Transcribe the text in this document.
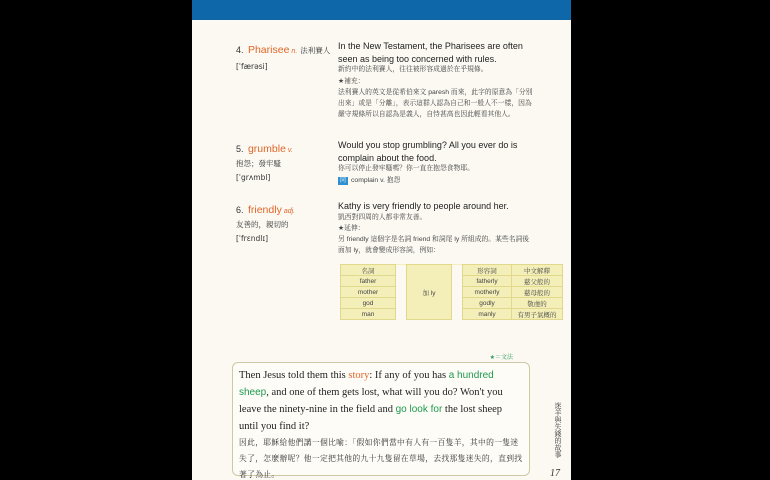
4. Pharisee n. 法利賽人
[ˈfærəsi]
In the New Testament, the Pharisees are often seen as being too concerned with rules.
新約中的法利賽人，往往被形容成過於在乎規條。
★補充：
法利賽人的英文是從希伯來文 paresh 而來，此字的原意為「分別出來」或是「分離」，表示這群人認為自己和一般人不一樣，因為嚴守規條所以自認為是義人，自恃甚高也因此輕看其他人。
5. grumble v.
抱怨；發牢騷
[ˈgrʌmbl]
Would you stop grumbling? All you ever do is complain about the food.
你可以停止發牢騷嗎？你一直在抱怨食物耶。
同 complain v. 抱怨
6. friendly adj.
友善的，親切的
[ˈfrɛndlɪ]
Kathy is very friendly to people around her.
凱西對四周的人都非常友善。
★延伸：
另 friendly 這個字是名詞 friend 和詞尾 ly 所組成的。某些名詞後面加 ly，就會變成形容詞，例如：
名詞		加 ly		形容詞	中文解釋
father				fatherly	慈父般的
mother				motherly	慈母般的
god				godly	敬虔的
man				manly	有男子氣概的
★＝文法
Then Jesus told them this story: If any of you has a hundred sheep, and one of them gets lost, what will you do? Won't you leave the ninety-nine in the field and go look for the lost sheep until you find it?
因此，耶穌給他們講一個比喻：「假如你們當中有人有一百隻羊，其中的一隻迷失了，怎麼辦呢？他一定把其他的九十九隻留在草場，去找那隻迷失的，直到找著了為止。
迷羊與失錢的故事
17
